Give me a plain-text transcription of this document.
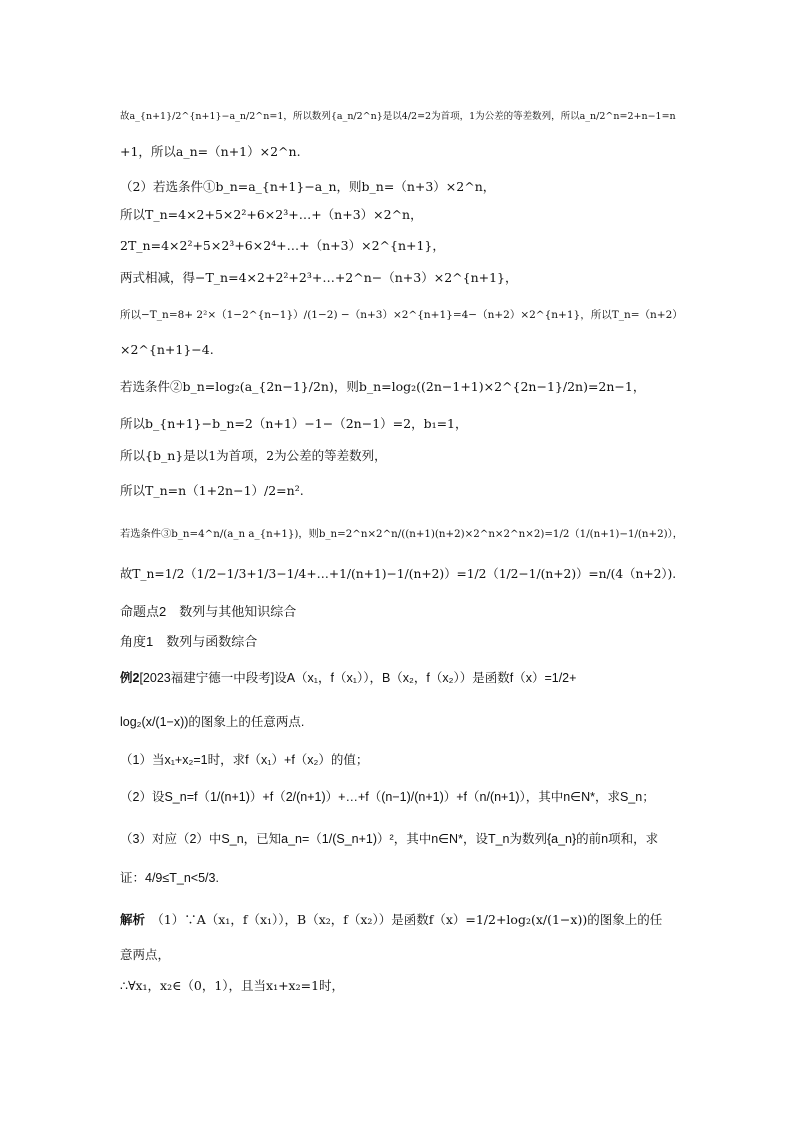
故a_{n+1}/2^{n+1}−a_n/2^n=1，所以数列{a_n/2^n}是以4/2=2为首项，1为公差的等差数列，所以a_n/2^n=2+n−1=n
+1，所以a_n=（n+1）×2^n.
（2）若选条件①b_n=a_{n+1}−a_n，则b_n=（n+3）×2^n，
所以T_n=4×2+5×2²+6×2³+…+（n+3）×2^n，
2T_n=4×2²+5×2³+6×2⁴+…+（n+3）×2^{n+1}，
两式相减，得−T_n=4×2+2²+2³+…+2^n−（n+3）×2^{n+1}，
所以−T_n=8+ 2²×（1−2^{n−1}）/(1−2) −（n+3）×2^{n+1}=4−（n+2）×2^{n+1}，所以T_n=（n+2）
×2^{n+1}−4.
若选条件②b_n=log₂(a_{2n−1}/2n)，则b_n=log₂((2n−1+1)×2^{2n−1}/2n)=2n−1，
所以b_{n+1}−b_n=2（n+1）−1−（2n−1）=2，b₁=1，
所以{b_n}是以1为首项，2为公差的等差数列，
所以T_n=n（1+2n−1）/2=n².
若选条件③b_n=4^n/(a_n a_{n+1})，则b_n=2^n×2^n/((n+1)(n+2)×2^n×2^n×2)=1/2（1/(n+1)−1/(n+2)），
故T_n=1/2（1/2−1/3+1/3−1/4+…+1/(n+1)−1/(n+2)）=1/2（1/2−1/(n+2)）=n/(4（n+2）).
命题点2　数列与其他知识综合
角度1　数列与函数综合
例2[2023福建宁德一中段考]设A（x₁，f（x₁）），B（x₂，f（x₂））是函数f（x）=1/2+
log₂(x/(1−x))的图象上的任意两点.
（1）当x₁+x₂=1时，求f（x₁）+f（x₂）的值；
（2）设S_n=f（1/(n+1)）+f（2/(n+1)）+…+f（(n−1)/(n+1)）+f（n/(n+1)），其中n∈N*，求S_n；
（3）对应（2）中S_n，已知a_n=（1/(S_n+1)）²，其中n∈N*，设T_n为数列{a_n}的前n项和，求
证：4/9≤T_n<5/3.
解析　 （1）∵A（x₁，f（x₁）），B（x₂，f（x₂））是函数f（x）=1/2+log₂(x/(1−x))的图象上的任
意两点，
∴∀x₁，x₂∈（0，1），且当x₁+x₂=1时，
